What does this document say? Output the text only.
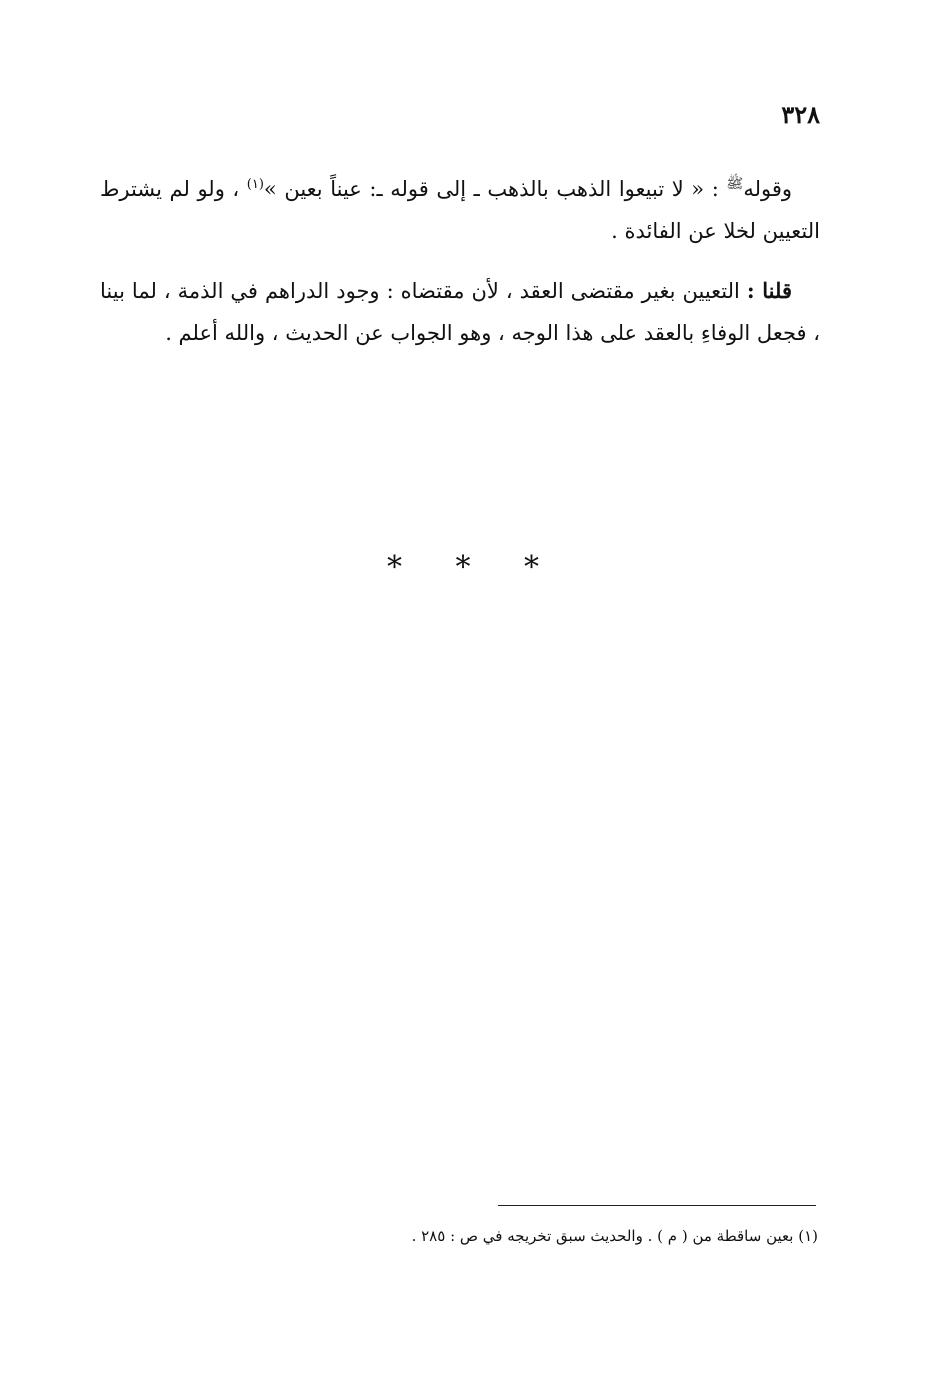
٣٢٨

وقوله$^ﷺ$ : « لا تبيعوا الذهب بالذهب ـ إلى قوله ـ: عيناً بعين »$^{(١)}$ ، ولو لم يشترط التعيين لخلا عن الفائدة .

قلنا : التعيين بغير مقتضى العقد ، لأن مقتضاه : وجود الدراهم في الذمة ، لما بينا ، فجعل الوفاءِ بالعقد على هذا الوجه ، وهو الجواب عن الحديث ، والله أعلم .

* * *
(١) بعين ساقطة من ( م ) . والحديث سبق تخريجه في ص : ٢٨٥ .
